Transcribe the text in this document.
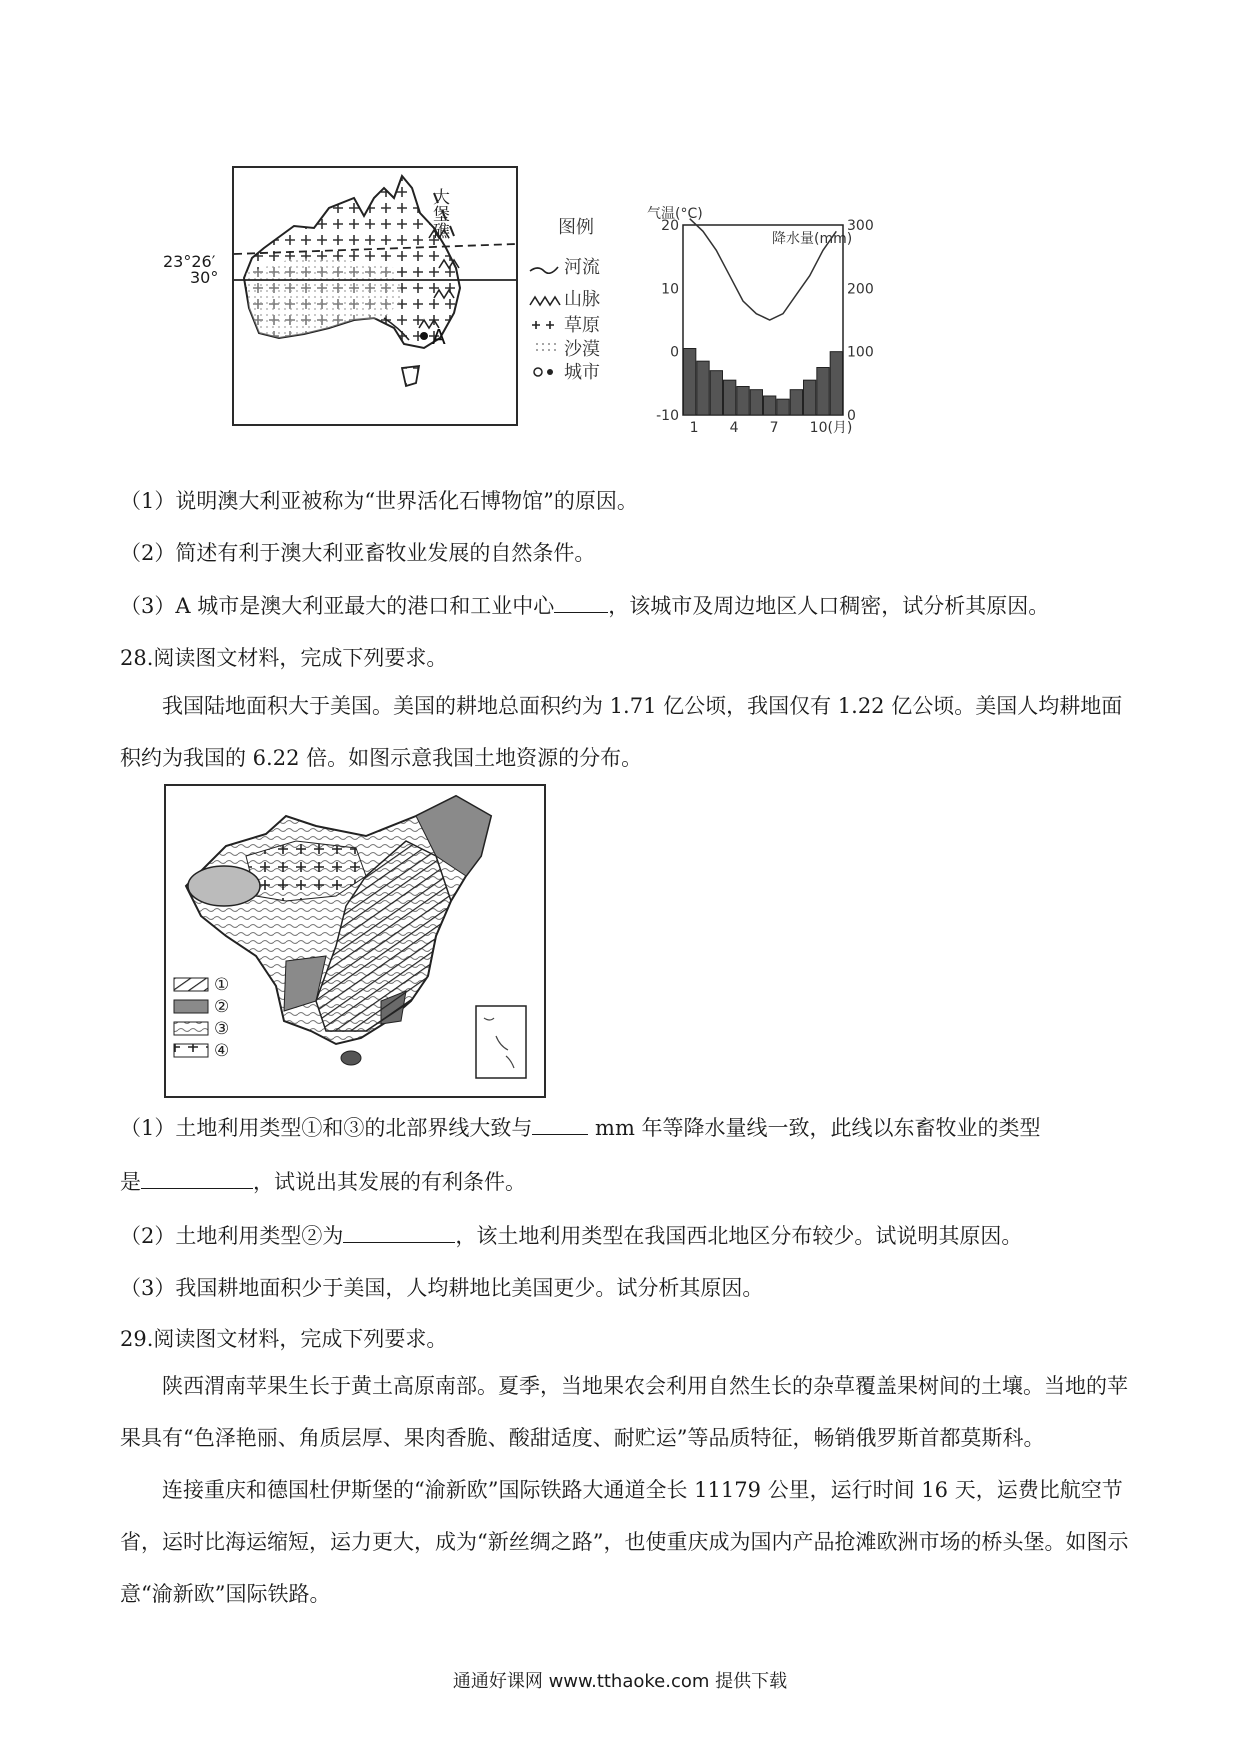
A
大堡礁
23°26′
30°
图例
河流
山脉
草原
沙漠
城市
气温(°C)
降水量(mm)
20
10
0
-10
300
200
100
0
1 4 7 10(月)
（1）说明澳大利亚被称为“世界活化石博物馆”的原因。
（2）简述有利于澳大利亚畜牧业发展的自然条件。
（3）A 城市是澳大利亚最大的港口和工业中心	，该城市及周边地区人口稠密，试分析其原因。
28.阅读图文材料，完成下列要求。
我国陆地面积大于美国。美国的耕地总面积约为 1.71 亿公顷，我国仅有 1.22 亿公顷。美国人均耕地面积约为我国的 6.22 倍。如图示意我国土地资源的分布。
①
②
③
④
（1）土地利用类型①和③的北部界线大致与	mm 年等降水量线一致，此线以东畜牧业的类型
是	，试说出其发展的有利条件。
（2）土地利用类型②为	，该土地利用类型在我国西北地区分布较少。试说明其原因。
（3）我国耕地面积少于美国，人均耕地比美国更少。试分析其原因。
29.阅读图文材料，完成下列要求。
陕西渭南苹果生长于黄土高原南部。夏季，当地果农会利用自然生长的杂草覆盖果树间的土壤。当地的苹果具有“色泽艳丽、角质层厚、果肉香脆、酸甜适度、耐贮运”等品质特征，畅销俄罗斯首都莫斯科。
连接重庆和德国杜伊斯堡的“渝新欧”国际铁路大通道全长 11179 公里，运行时间 16 天，运费比航空节省，运时比海运缩短，运力更大，成为“新丝绸之路”，也使重庆成为国内产品抢滩欧洲市场的桥头堡。如图示意“渝新欧”国际铁路。
通通好课网 www.tthaoke.com 提供下载
